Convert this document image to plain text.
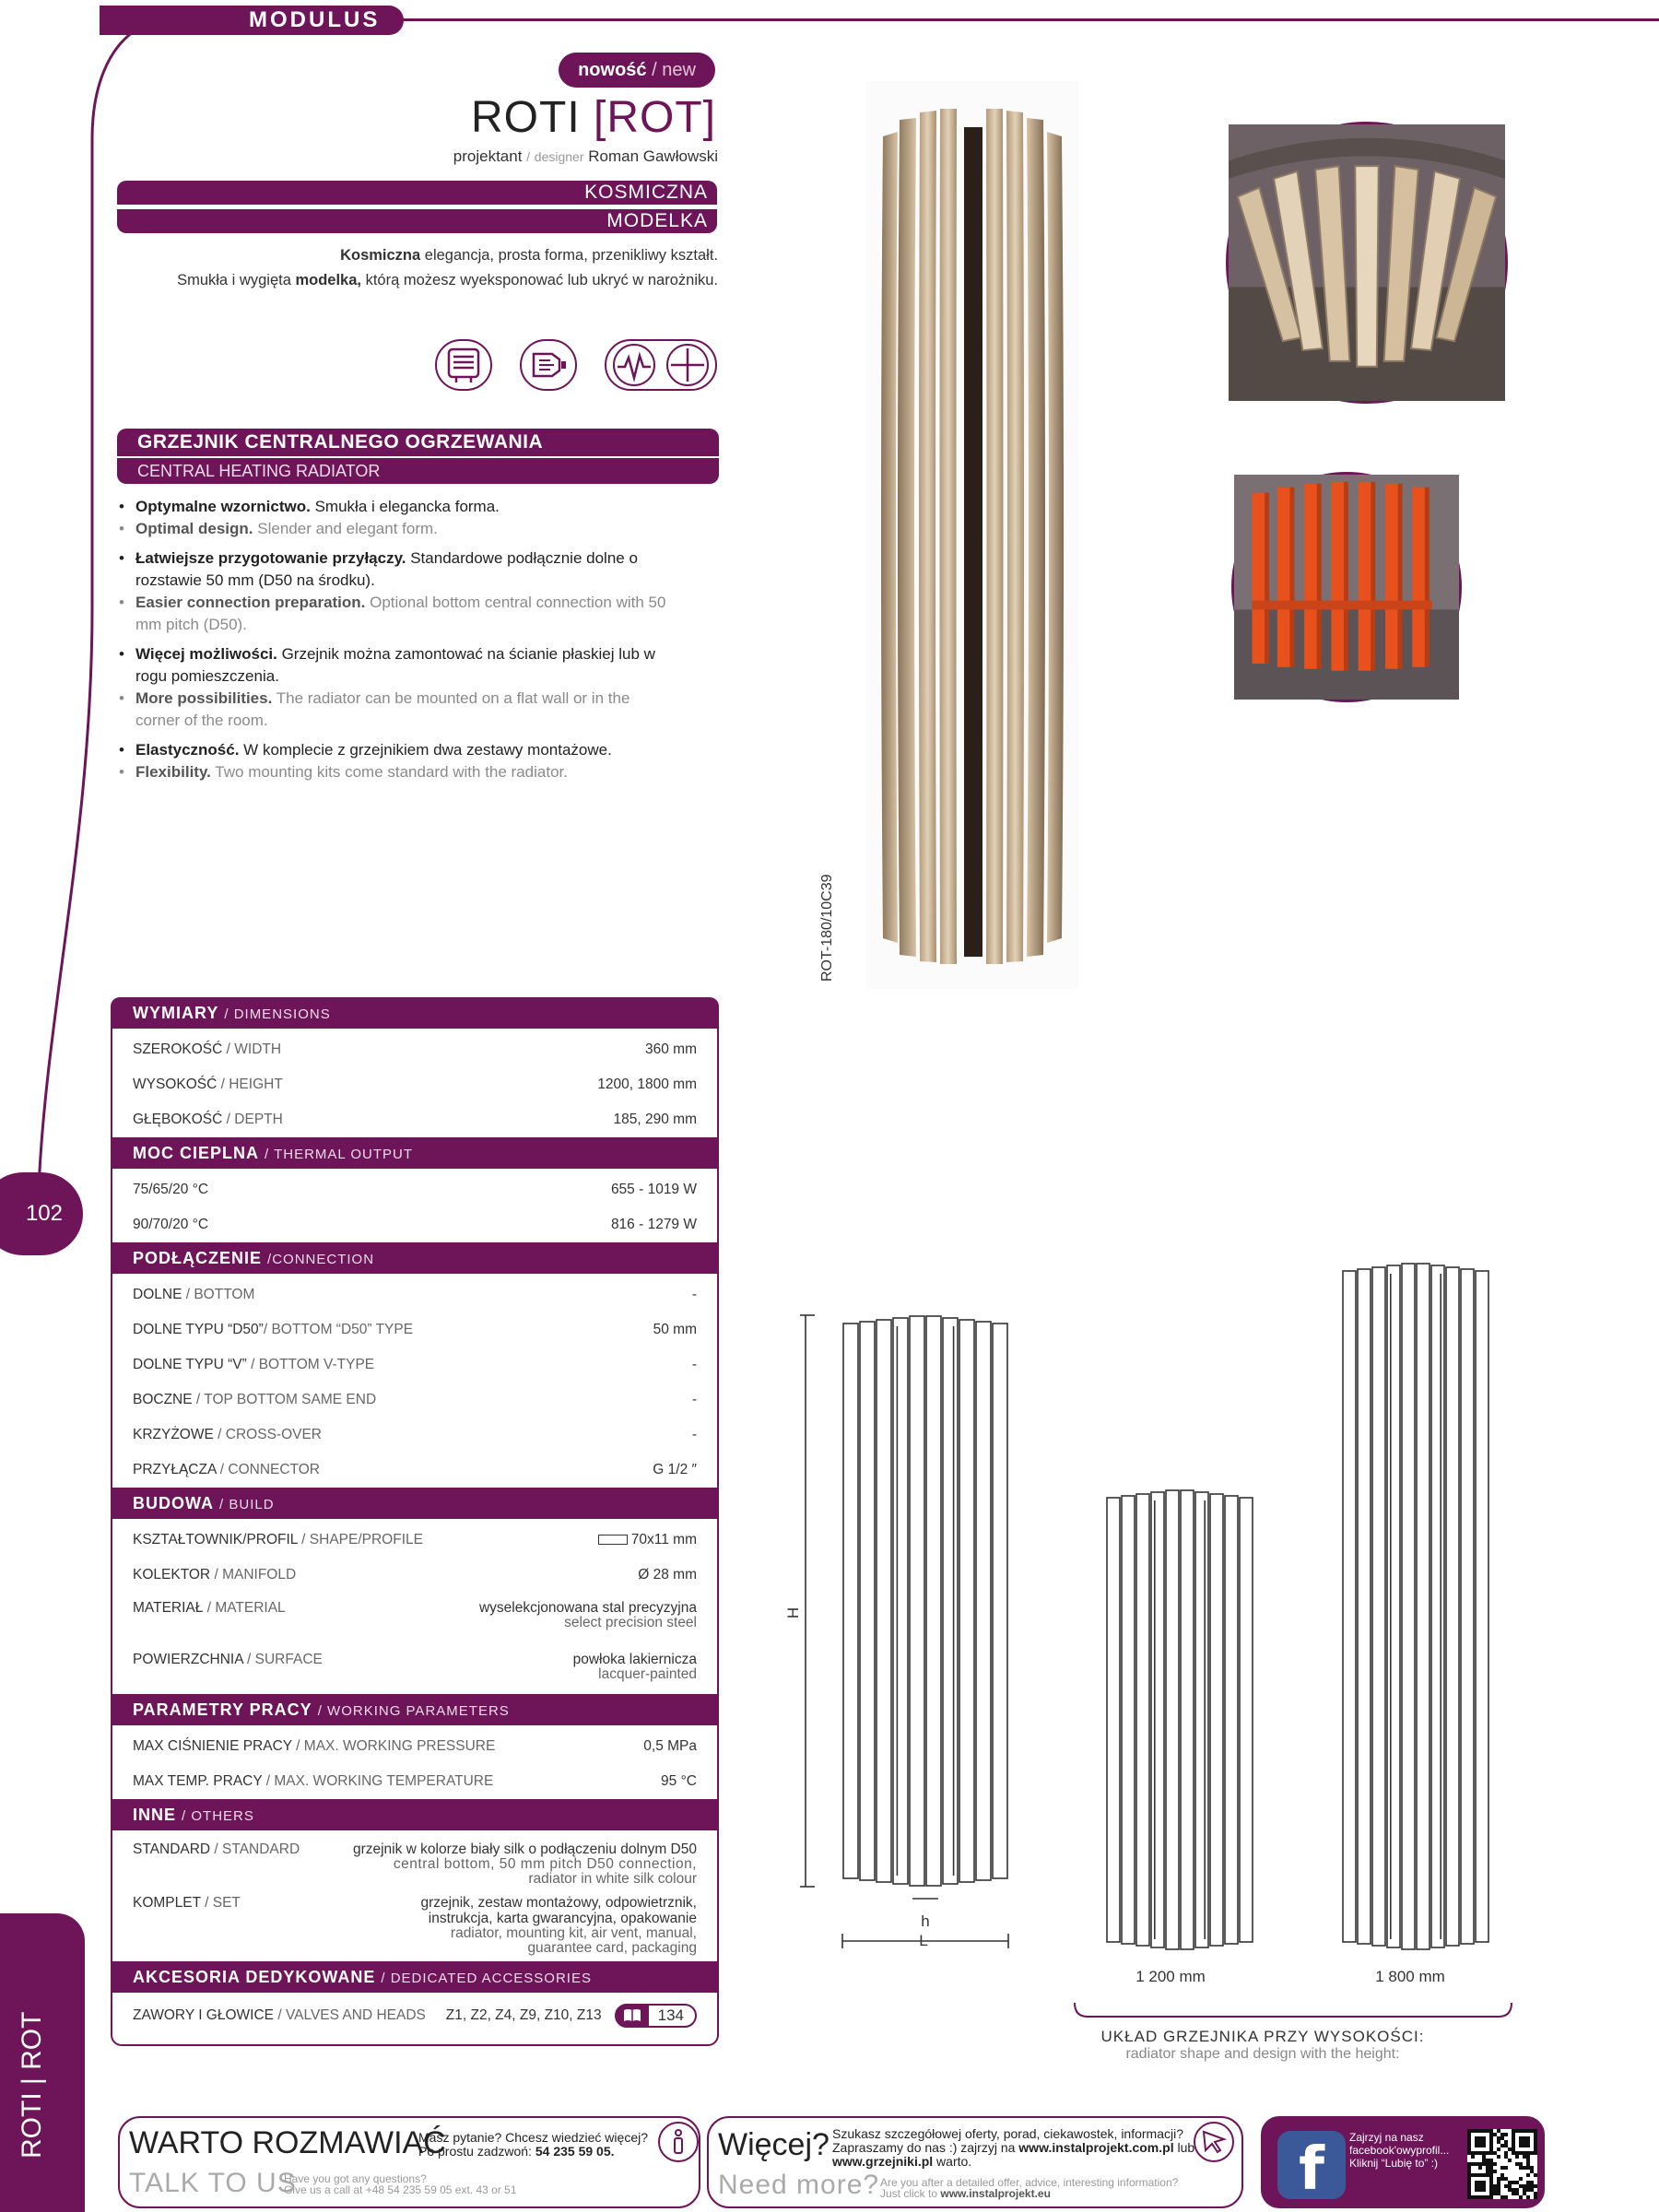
MODULUS
nowość / new
ROTI [ROT]
projektant / designer Roman Gawłowski
KOSMICZNA
MODELKA
Kosmiczna elegancja, prosta forma, przenikliwy kształt.
Smukła i wygięta modelka, którą możesz wyeksponować lub ukryć w narożniku.
GRZEJNIK CENTRALNEGO OGRZEWANIA
CENTRAL HEATING RADIATOR
• Optymalne wzornictwo. Smukła i elegancka forma.
• Optimal design. Slender and elegant form.
• Łatwiejsze przygotowanie przyłączy. Standardowe podłącznie dolne o rozstawie 50 mm (D50 na środku).
• Easier connection preparation. Optional bottom central connection with 50 mm pitch (D50).
• Więcej możliwości. Grzejnik można zamontować na ścianie płaskiej lub w rogu pomieszczenia.
• More possibilities. The radiator can be mounted on a flat wall or in the corner of the room.
• Elastyczność. W komplecie z grzejnikiem dwa zestawy montażowe.
• Flexibility. Two mounting kits come standard with the radiator.
ROT-180/10C39
102
ROTI | ROT
WYMIARY / DIMENSIONS
SZEROKOŚĆ / WIDTH	360 mm
WYSOKOŚĆ / HEIGHT	1200, 1800 mm
GŁĘBOKOŚĆ / DEPTH	185, 290 mm
MOC CIEPLNA / THERMAL OUTPUT
75/65/20 °C	655 - 1019 W
90/70/20 °C	816 - 1279 W
PODŁĄCZENIE /CONNECTION
DOLNE / BOTTOM	-
DOLNE TYPU “D50”/ BOTTOM “D50” TYPE	50 mm
DOLNE TYPU “V” / BOTTOM V-TYPE	-
BOCZNE / TOP BOTTOM SAME END	-
KRZYŻOWE / CROSS-OVER	-
PRZYŁĄCZA / CONNECTOR	G 1/2 ″
BUDOWA / BUILD
KSZTAŁTOWNIK/PROFIL / SHAPE/PROFILE	70x11 mm
KOLEKTOR / MANIFOLD	Ø 28 mm
MATERIAŁ / MATERIAL	wyselekcjonowana stal precyzyjna
select precision steel
POWIERZCHNIA / SURFACE	powłoka lakiernicza
lacquer-painted
PARAMETRY PRACY / WORKING PARAMETERS
MAX CIŚNIENIE PRACY / MAX. WORKING PRESSURE	0,5 MPa
MAX TEMP. PRACY / MAX. WORKING TEMPERATURE	95 °C
INNE / OTHERS
STANDARD / STANDARD	grzejnik w kolorze biały silk o podłączeniu dolnym D50
central bottom, 50 mm pitch D50 connection,
radiator in white silk colour
KOMPLET / SET	grzejnik, zestaw montażowy, odpowietrznik,
instrukcja, karta gwarancyjna, opakowanie
radiator, mounting kit, air vent, manual,
guarantee card, packaging
AKCESORIA DEDYKOWANE / DEDICATED ACCESSORIES
ZAWORY I GŁOWICE / VALVES AND HEADS Z1, Z2, Z4, Z9, Z10, Z13	134
H
h
L
1 200 mm	1 800 mm
UKŁAD GRZEJNIKA PRZY WYSOKOŚCI:
radiator shape and design with the height:
WARTO ROZMAWIAĆ
TALK TO US
Masz pytanie? Chcesz wiedzieć więcej?
Po prostu zadzwoń: 54 235 59 05.
Have you got any questions?
Give us a call at +48 54 235 59 05 ext. 43 or 51
Więcej?
Need more?
Szukasz szczegółowej oferty, porad, ciekawostek, informacji?
Zapraszamy do nas :) zajrzyj na www.instalprojekt.com.pl lub
www.grzejniki.pl warto.
Are you after a detailed offer, advice, interesting information?
Just click to www.instalprojekt.eu	f	Zajrzyj na nasz
facebook'owyprofil...
Kliknij “Lubię to” :)
